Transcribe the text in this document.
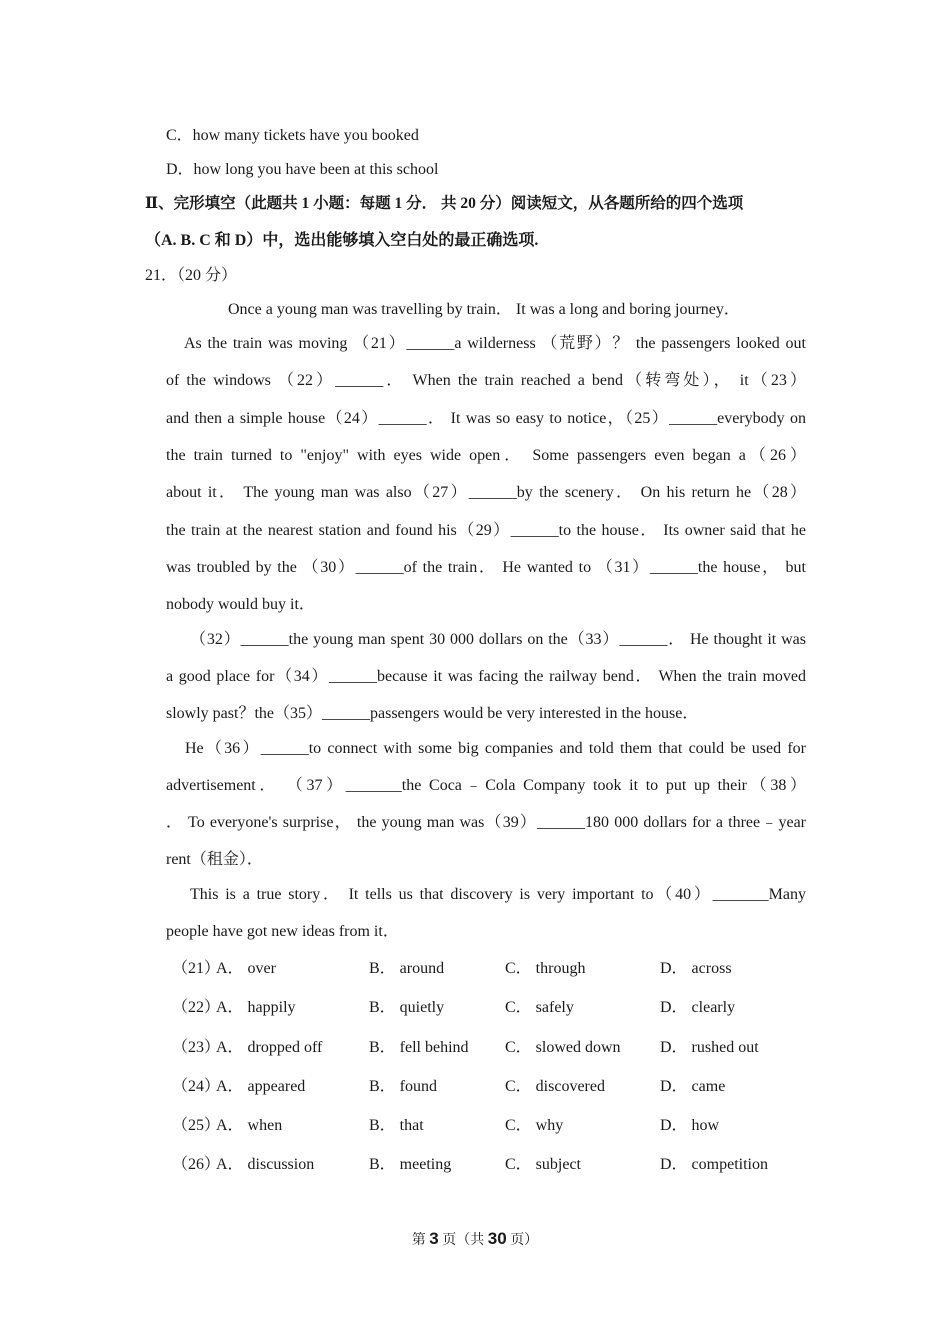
C．how many tickets have you booked
D．how long you have been at this school
Ⅱ、完形填空（此题共 1 小题：每题 1 分． 共 20 分）阅读短文，从各题所给的四个选项
（A. B. C 和 D）中，选出能够填入空白处的最正确选项.
21．（20 分）
Once a young man was travelling by train． It was a long and boring journey．
As the train was moving （21）______a wilderness （荒野）？ the passengers looked out
of the windows （22）______． When the train reached a bend（转弯处）， it（23）
and then a simple house（24）______． It was so easy to notice，（25）______everybody on
the train turned to "enjoy" with eyes wide open． Some passengers even began a（26）
about it． The young man was also（27）______by the scenery． On his return he（28）
the train at the nearest station and found his（29）______to the house． Its owner said that he
was troubled by the （30）______of the train． He wanted to （31）______the house， but
nobody would buy it．
（32）______the young man spent 30 000 dollars on the（33）______． He thought it was
a good place for（34）______because it was facing the railway bend． When the train moved
slowly past？the（35）______passengers would be very interested in the house．
He（36）______to connect with some big companies and told them that could be used for
advertisement． （37）_______the Coca﹣Cola Company took it to put up their（38）
． To everyone's surprise， the young man was（39）______180 000 dollars for a three﹣year
rent（租金）．
This is a true story． It tells us that discovery is very important to（40）_______Many
people have got new ideas from it．
（21）
A． over	B． around	C． through	D． across
（22）
A． happily	B． quietly	C． safely	D． clearly
（23）
A． dropped off	B． fell behind C． slowed down D． rushed out
（24）
A． appeared	B． found	C． discovered	D． came
（25）
A． when	B． that	C． why	D． how
（26）
A． discussion	B． meeting	C． subject	D． competition
第 3 页（共 30 页）
